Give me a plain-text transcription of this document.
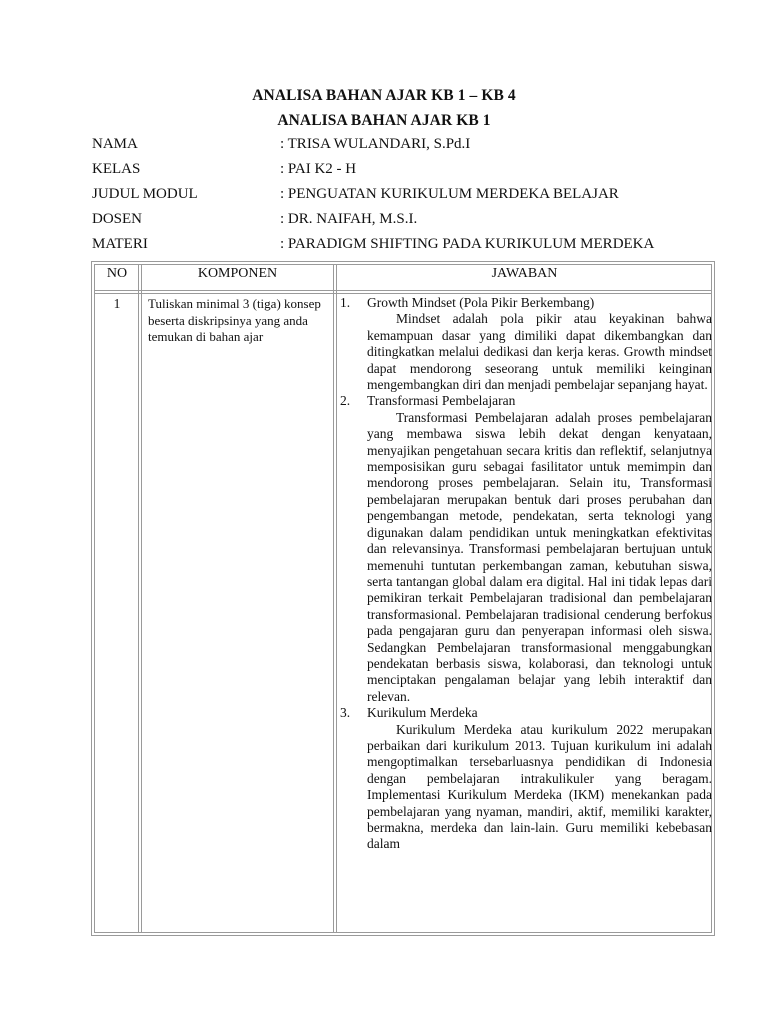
ANALISA BAHAN AJAR KB 1 – KB 4
ANALISA BAHAN AJAR KB 1
NAMA	: TRISA WULANDARI, S.Pd.I
KELAS	: PAI K2 - H
JUDUL MODUL	: PENGUATAN KURIKULUM MERDEKA BELAJAR
DOSEN	: DR. NAIFAH, M.S.I.
MATERI	: PARADIGM SHIFTING PADA KURIKULUM MERDEKA
NO	KOMPONEN	JAWABAN
1	Tuliskan minimal 3 (tiga) konsep beserta diskripsinya yang anda temukan di bahan ajar
1. Growth Mindset (Pola Pikir Berkembang)
Mindset adalah pola pikir atau keyakinan bahwa kemampuan dasar yang dimiliki dapat dikembangkan dan ditingkatkan melalui dedikasi dan kerja keras. Growth mindset dapat mendorong seseorang untuk memiliki keinginan mengembangkan diri dan menjadi pembelajar sepanjang hayat.
2. Transformasi Pembelajaran
Transformasi Pembelajaran adalah proses pembelajaran yang membawa siswa lebih dekat dengan kenyataan, menyajikan pengetahuan secara kritis dan reflektif, selanjutnya memposisikan guru sebagai fasilitator untuk memimpin dan mendorong proses pembelajaran. Selain itu, Transformasi pembelajaran merupakan bentuk dari proses perubahan dan pengembangan metode, pendekatan, serta teknologi yang digunakan dalam pendidikan untuk meningkatkan efektivitas dan relevansinya. Transformasi pembelajaran bertujuan untuk memenuhi tuntutan perkembangan zaman, kebutuhan siswa, serta tantangan global dalam era digital. Hal ini tidak lepas dari pemikiran terkait Pembelajaran tradisional dan pembelajaran transformasional. Pembelajaran tradisional cenderung berfokus pada pengajaran guru dan penyerapan informasi oleh siswa. Sedangkan Pembelajaran transformasional menggabungkan pendekatan berbasis siswa, kolaborasi, dan teknologi untuk menciptakan pengalaman belajar yang lebih interaktif dan relevan.
3. Kurikulum Merdeka
Kurikulum Merdeka atau kurikulum 2022 merupakan perbaikan dari kurikulum 2013. Tujuan kurikulum ini adalah mengoptimalkan tersebarluasnya pendidikan di Indonesia dengan pembelajaran intrakulikuler yang beragam. Implementasi Kurikulum Merdeka (IKM) menekankan pada pembelajaran yang nyaman, mandiri, aktif, memiliki karakter, bermakna, merdeka dan lain-lain. Guru memiliki kebebasan dalam
